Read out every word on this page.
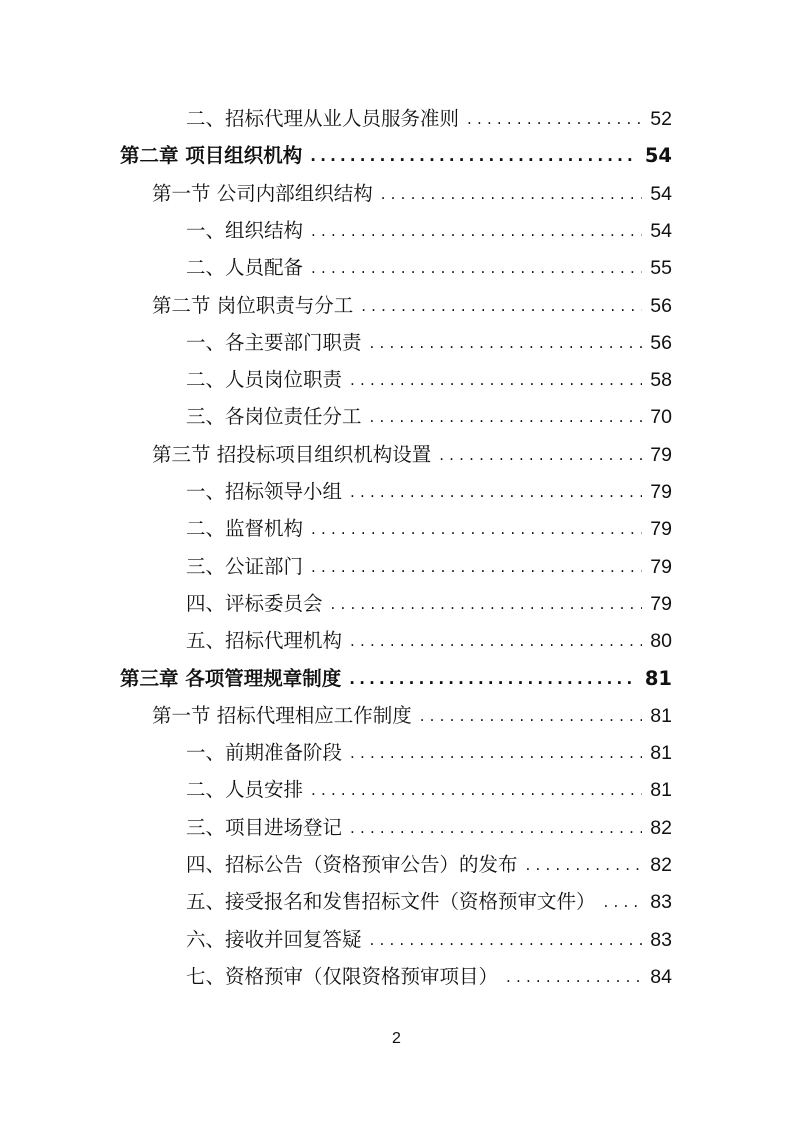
二、招标代理从业人员服务准则 .....	52
第二章 项目组织机构 .....	54
第一节 公司内部组织结构 .....	54
一、组织结构 .....	54
二、人员配备 .....	55
第二节 岗位职责与分工 .....	56
一、各主要部门职责 .....	56
二、人员岗位职责 .....	58
三、各岗位责任分工 .....	70
第三节 招投标项目组织机构设置 .....	79
一、招标领导小组 .....	79
二、监督机构 .....	79
三、公证部门 .....	79
四、评标委员会 .....	79
五、招标代理机构 .....	80
第三章 各项管理规章制度 .....	81
第一节 招标代理相应工作制度 .....	81
一、前期准备阶段 .....	81
二、人员安排 .....	81
三、项目进场登记 .....	82
四、招标公告（资格预审公告）的发布 .....	82
五、接受报名和发售招标文件（资格预审文件） .....	83
六、接收并回复答疑 .....	83
七、资格预审（仅限资格预审项目） .....	84
2
